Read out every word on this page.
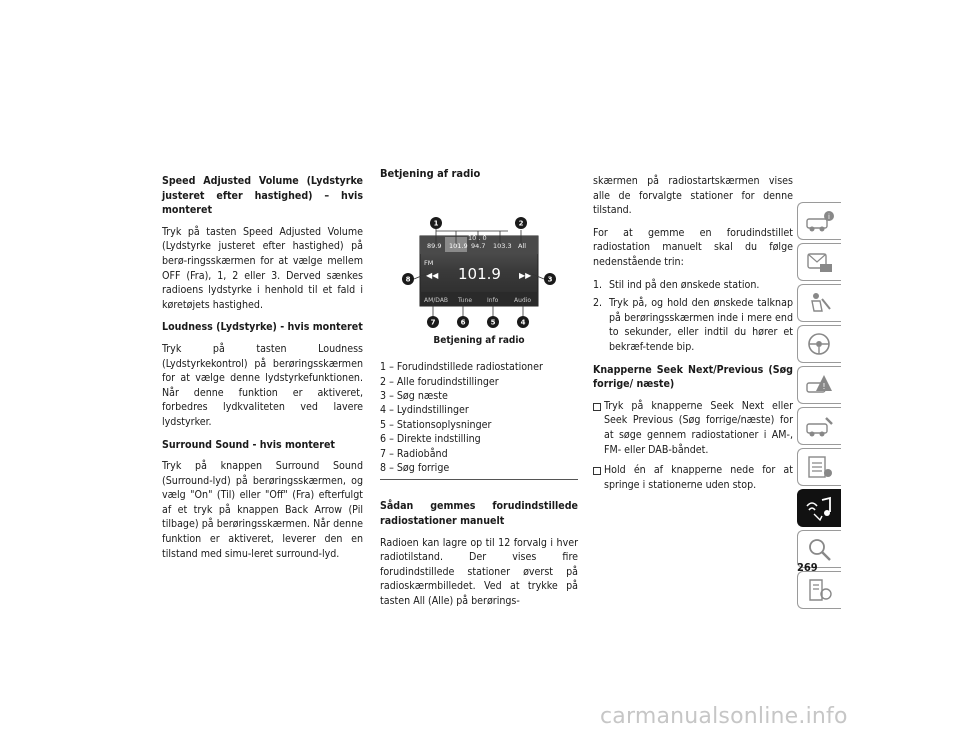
Speed Adjusted Volume (Lydstyrke justeret efter hastighed) – hvis monteret

Tryk på tasten Speed Adjusted Volume (Lydstyrke justeret efter hastighed) på berø-ringsskærmen for at vælge mellem OFF (Fra), 1, 2 eller 3. Derved sænkes radioens lydstyrke i henhold til et fald i køretøjets hastighed.

Loudness (Lydstyrke) - hvis monteret

Tryk på tasten Loudness (Lydstyrkekontrol) på berøringsskærmen for at vælge denne lydstyrkefunktionen. Når denne funktion er aktiveret, forbedres lydkvaliteten ved lavere lydstyrker.

Surround Sound - hvis monteret

Tryk på knappen Surround Sound (Surround-lyd) på berøringsskærmen, og vælg "On" (Til) eller "Off" (Fra) efterfulgt af et tryk på knappen Back Arrow (Pil tilbage) på berøringsskærmen. Når denne funktion er aktiveret, leverer den en tilstand med simu-leret surround-lyd.

Betjening af radio
89.9 101.9 94.7 103.3 All
10 . 0
FM
101.9
◀◀	▶▶
AM/DAB Tune Info	Audio
1	2
3
4
5
6
7
8
Betjening af radio
1 – Forudindstillede radiostationer
2 – Alle forudindstillinger
3 – Søg næste
4 – Lydindstillinger
5 – Stationsoplysninger
6 – Direkte indstilling
7 – Radiobånd
8 – Søg forrige
Sådan gemmes forudindstillede radiostationer manuelt

Radioen kan lagre op til 12 forvalg i hver radiotilstand. Der vises fire forudindstillede stationer øverst på radioskærmbilledet. Ved at trykke på tasten All (Alle) på berørings-

skærmen på radiostartskærmen vises alle de forvalgte stationer for denne tilstand.

For at gemme en forudindstillet radiostation manuelt skal du følge nedenstående trin:

1. Stil ind på den ønskede station.
2. Tryk på, og hold den ønskede talknap på berøringsskærmen inde i mere end to sekunder, eller indtil du hører et bekræf-tende bip.
Knapperne Seek Next/Previous (Søg forrige/ næste)
Tryk på knapperne Seek Next eller Seek Previous (Søg forrige/næste) for at søge gennem radiostationer i AM-, FM- eller DAB-båndet.
Hold én af knapperne nede for at springe i stationerne uden stop.
i
!
269
carmanualsonline.info
